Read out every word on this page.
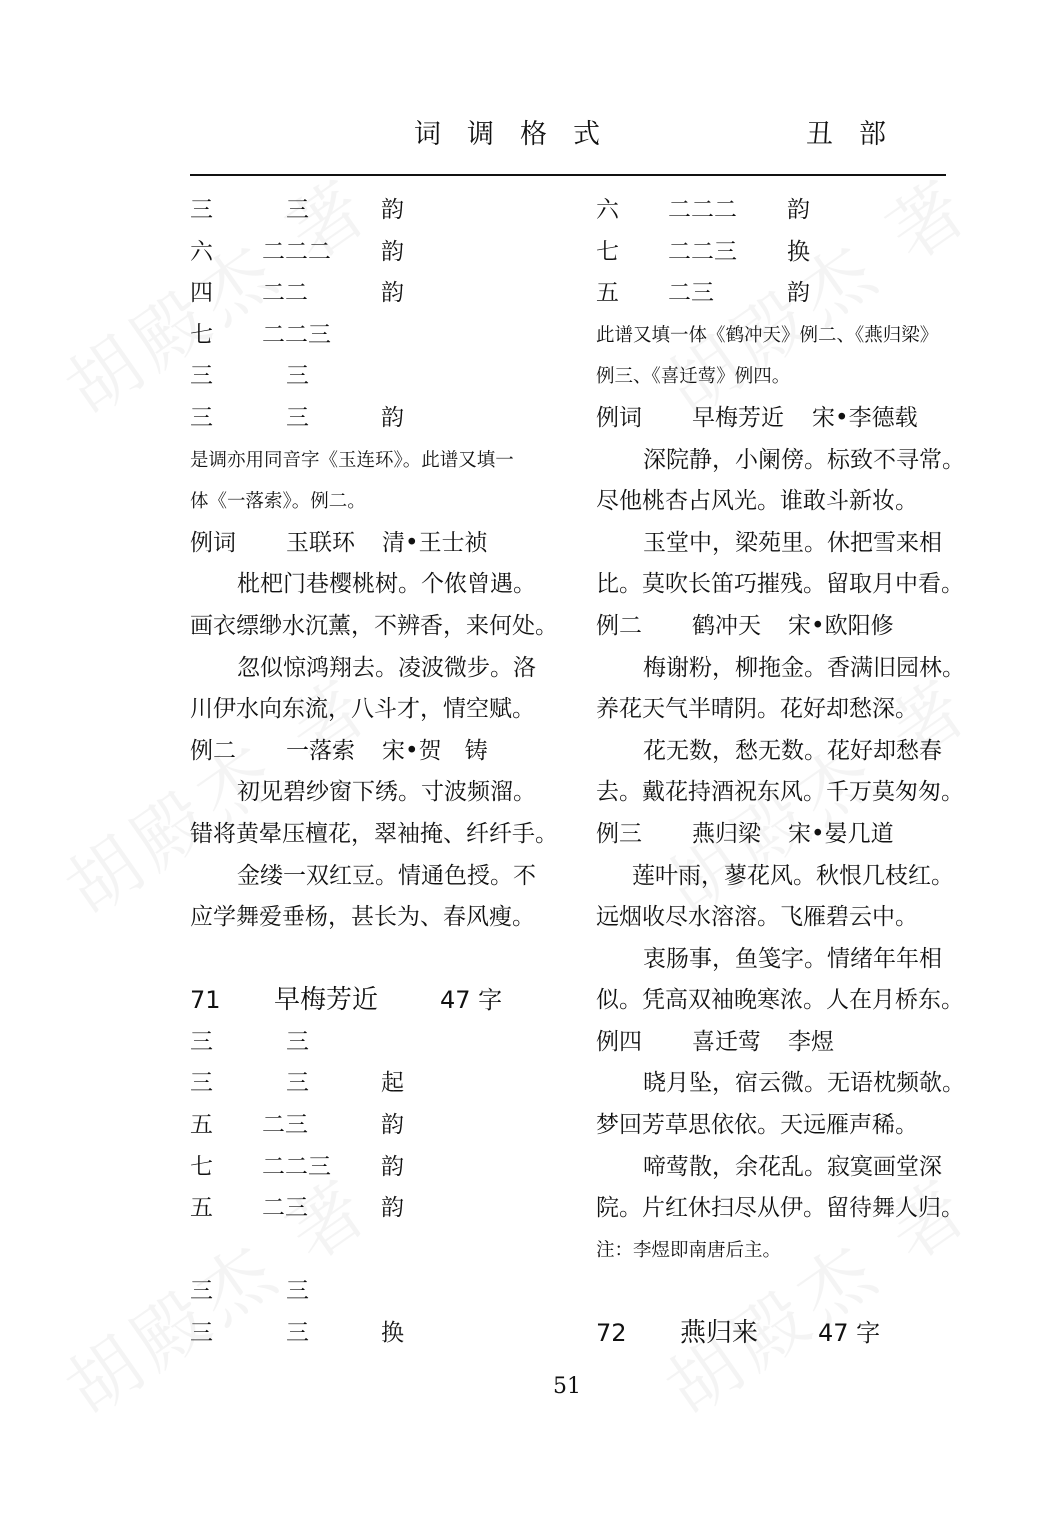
词调格式	丑部
三	三	韵
六 二二二 韵
四 二二	韵
七 二二三
三	三
三	三	韵
是调亦用同音字《玉连环》。此谱又填一
体《一落索》。例二。
例词 玉联环 清•王士祯
枇杷门巷樱桃树。个侬曾遇。
画衣缥缈水沉薰，不辨香，来何处。
忽似惊鸿翔去。凌波微步。洛
川伊水向东流，八斗才，情空赋。
例二 一落索 宋•贺　铸
初见碧纱窗下绣。寸波频溜。
错将黄晕压檀花，翠袖掩、纤纤手。
金缕一双红豆。情通色授。不
应学舞爱垂杨，甚长为、春风瘦。
71 早梅芳近	47 字
三	三
三	三	起
五 二三	韵
七 二二三 韵
五 二三	韵
三	三
三	三	换
六 二二二 韵
七 二二三 换
五 二三	韵
此谱又填一体《鹤冲天》例二、《燕归梁》
例三、《喜迁莺》例四。
例词 早梅芳近 宋•李德载
深院静，小阑傍。标致不寻常。
尽他桃杏占风光。谁敢斗新妆。
玉堂中，梁苑里。休把雪来相
比。莫吹长笛巧摧残。留取月中看。
例二 鹤冲天 宋•欧阳修
梅谢粉，柳拖金。香满旧园林。
养花天气半晴阴。花好却愁深。
花无数，愁无数。花好却愁春
去。戴花持酒祝东风。千万莫匆匆。
例三 燕归梁 宋•晏几道
莲叶雨，蓼花风。秋恨几枝红。
远烟收尽水溶溶。飞雁碧云中。
衷肠事，鱼笺字。情绪年年相
似。凭高双袖晚寒浓。人在月桥东。
例四 喜迁莺 李煜
晓月坠，宿云微。无语枕频欹。
梦回芳草思依依。天远雁声稀。
啼莺散，余花乱。寂寞画堂深
院。片红休扫尽从伊。留待舞人归。
注：李煜即南唐后主。
72 燕归来 47 字
51
